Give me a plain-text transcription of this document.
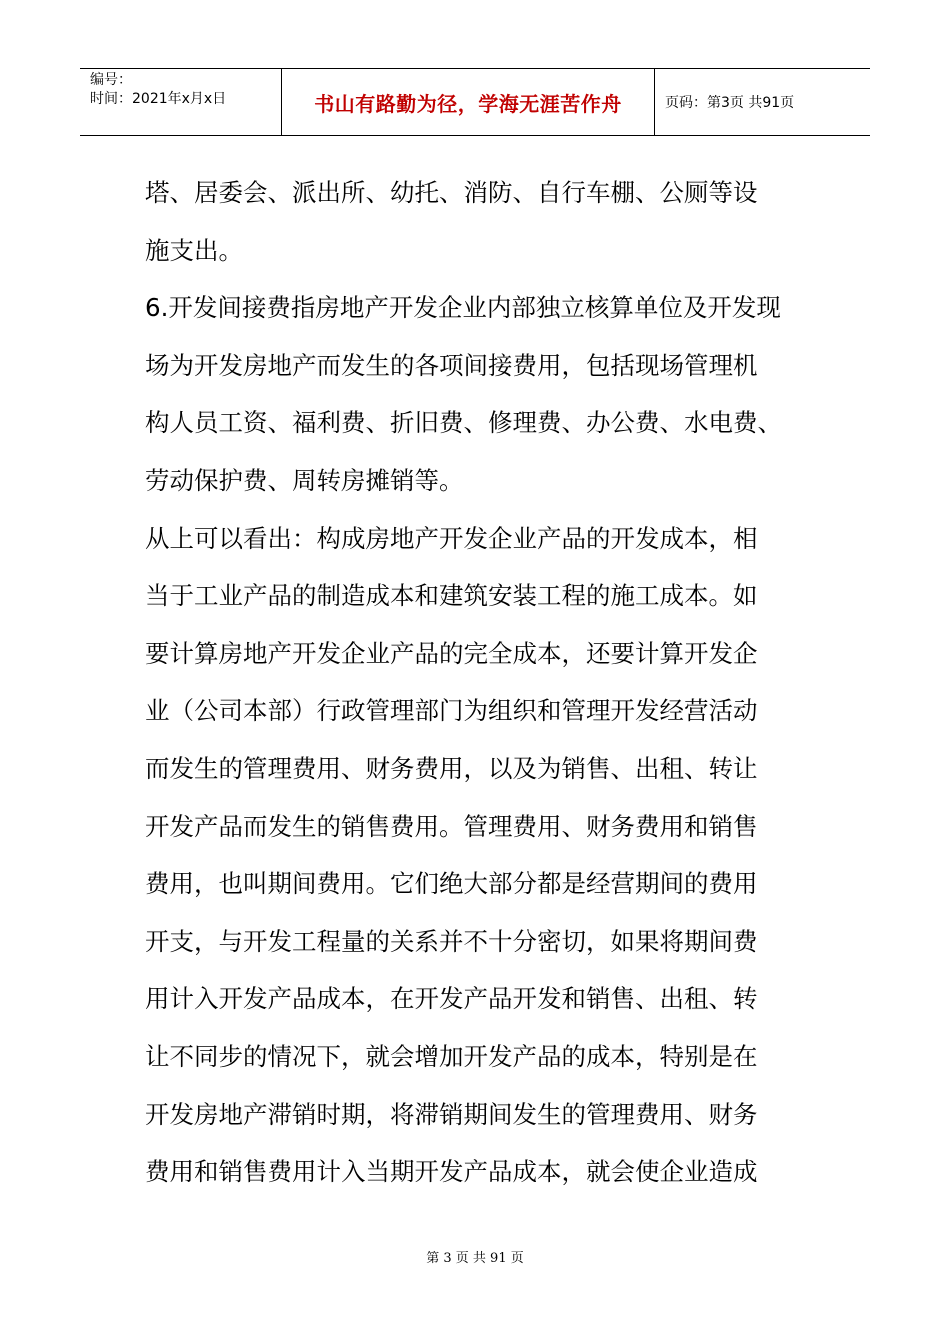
编号：
时间：2021年x月x日	书山有路勤为径，学海无涯苦作舟	页码：第3页 共91页
塔、居委会、派出所、幼托、消防、自行车棚、公厕等设
施支出。
6.开发间接费指房地产开发企业内部独立核算单位及开发现
场为开发房地产而发生的各项间接费用，包括现场管理机
构人员工资、福利费、折旧费、修理费、办公费、水电费、
劳动保护费、周转房摊销等。
从上可以看出：构成房地产开发企业产品的开发成本，相
当于工业产品的制造成本和建筑安装工程的施工成本。如
要计算房地产开发企业产品的完全成本，还要计算开发企
业（公司本部）行政管理部门为组织和管理开发经营活动
而发生的管理费用、财务费用，以及为销售、出租、转让
开发产品而发生的销售费用。管理费用、财务费用和销售
费用，也叫期间费用。它们绝大部分都是经营期间的费用
开支，与开发工程量的关系并不十分密切，如果将期间费
用计入开发产品成本，在开发产品开发和销售、出租、转
让不同步的情况下，就会增加开发产品的成本，特别是在
开发房地产滞销时期，将滞销期间发生的管理费用、财务
费用和销售费用计入当期开发产品成本，就会使企业造成
第 3 页 共 91 页
